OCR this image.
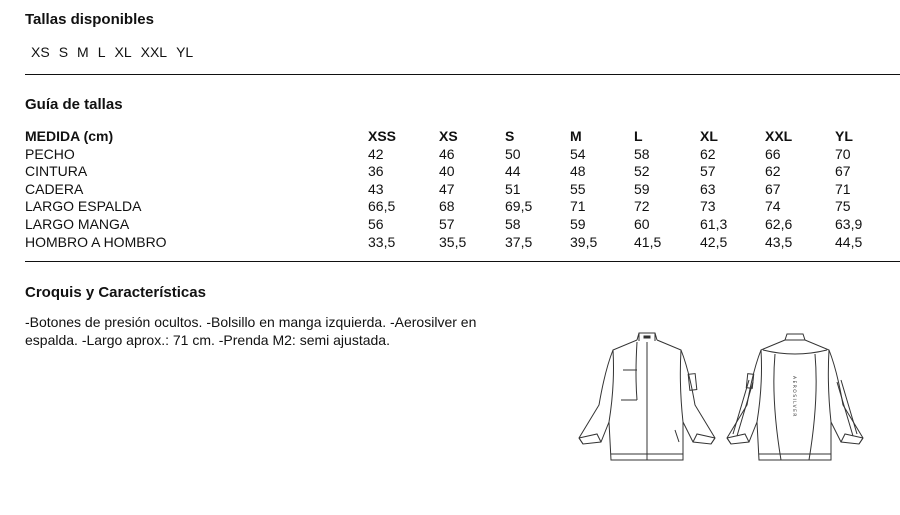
Tallas disponibles
XS S M L XL XXL YL
Guía de tallas
MEDIDA (cm)	XSS	XS	S	M	L	XL	XXL	YL
PECHO	42	46	50	54	58	62	66	70
CINTURA	36	40	44	48	52	57	62	67
CADERA	43	47	51	55	59	63	67	71
LARGO ESPALDA	66,5	68	69,5	71	72	73	74	75
LARGO MANGA	56	57	58	59	60	61,3	62,6	63,9
HOMBRO A HOMBRO	33,5	35,5	37,5	39,5	41,5	42,5	43,5	44,5
Croquis y Características

-Botones de presión ocultos. -Bolsillo en manga izquierda. -Aerosilver en espalda. -Largo aprox.: 71 cm. -Prenda M2: semi ajustada.

AEROSILVER
